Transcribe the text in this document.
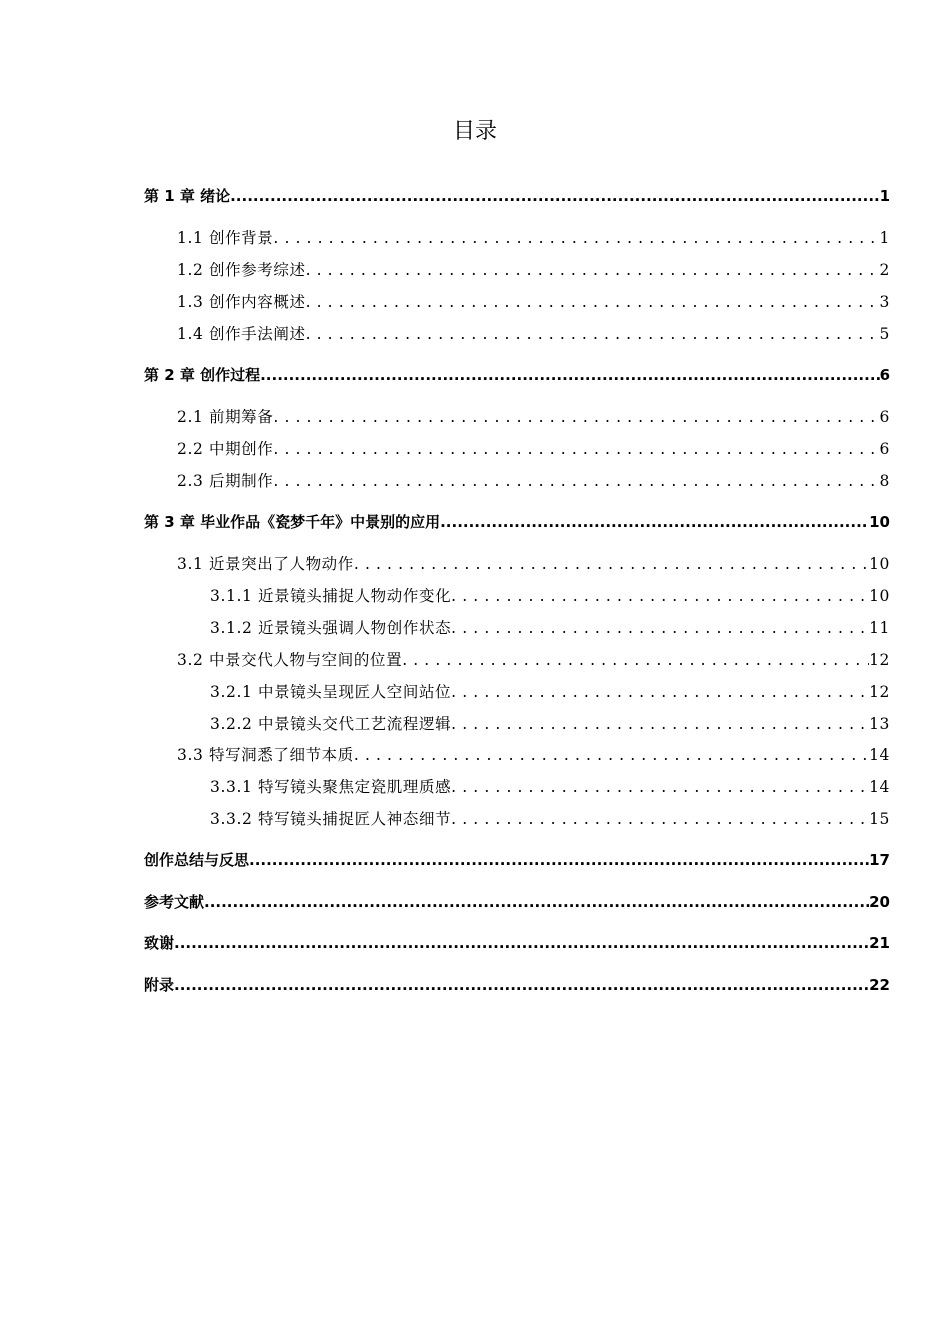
目录
第 1 章 绪论 .....	1
1.1 创作背景 . . .	1
1.2 创作参考综述 . . .	2
1.3 创作内容概述 . . .	3
1.4 创作手法阐述 . . .	5
第 2 章 创作过程 .....	6
2.1 前期筹备 . . .	6
2.2 中期创作 . . .	6
2.3 后期制作 . . .	8
第 3 章 毕业作品《瓷梦千年》中景别的应用 .....	10
3.1 近景突出了人物动作 . . .	10
3.1.1 近景镜头捕捉人物动作变化 . . .	10
3.1.2 近景镜头强调人物创作状态 . . .	11
3.2 中景交代人物与空间的位置 . . .	12
3.2.1 中景镜头呈现匠人空间站位 . . .	12
3.2.2 中景镜头交代工艺流程逻辑 . . .	13
3.3 特写洞悉了细节本质 . . .	14
3.3.1 特写镜头聚焦定瓷肌理质感 . . .	14
3.3.2 特写镜头捕捉匠人神态细节 . . .	15
创作总结与反思 .....	17
参考文献 .....	20
致谢 .....	21
附录 .....	22
